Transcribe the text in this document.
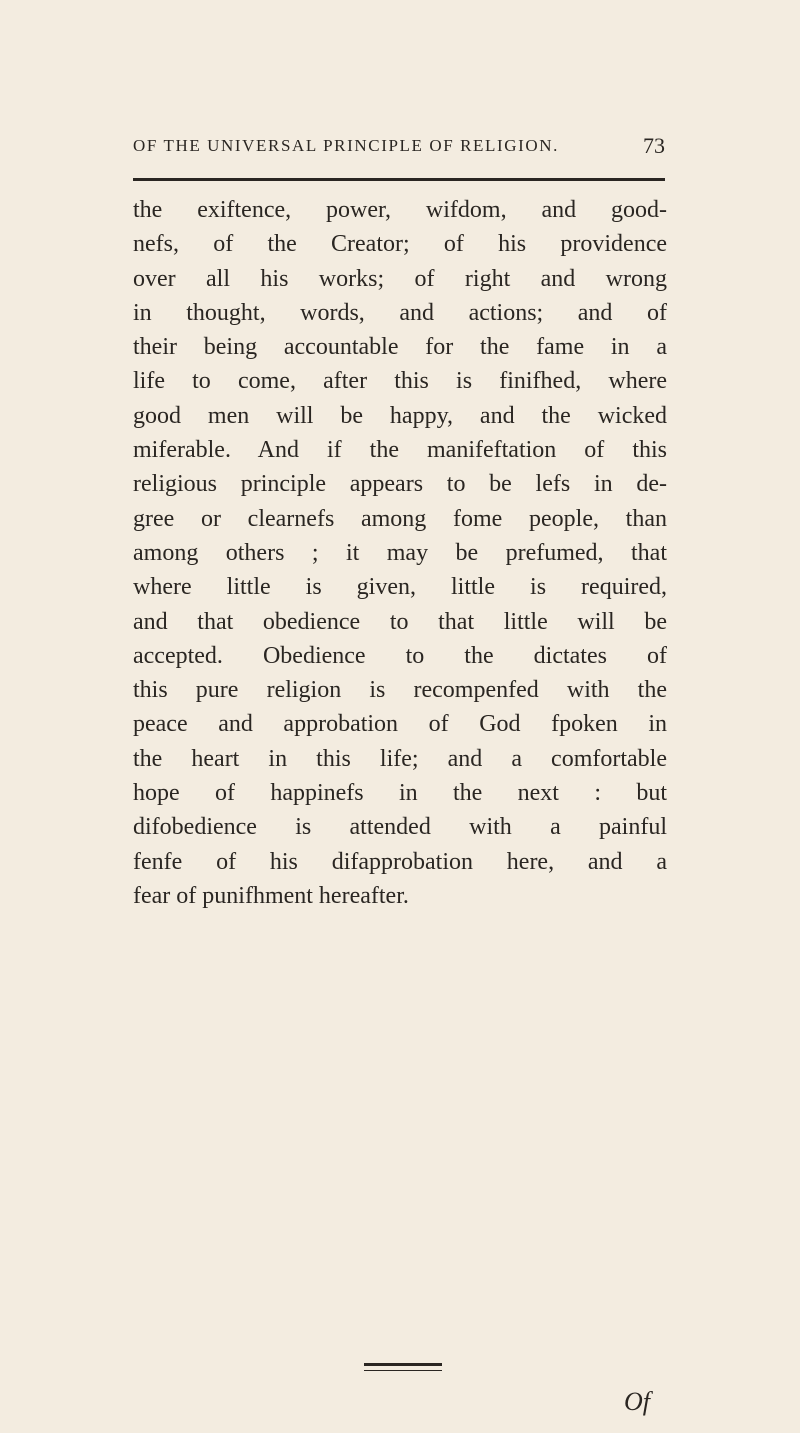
OF THE UNIVERSAL PRINCIPLE OF RELIGION.	73

the exiftence, power, wifdom, and good-
nefs, of the Creator; of his providence
over all his works; of right and wrong
in thought, words, and actions; and of
their being accountable for the fame in a
life to come, after this is finifhed, where
good men will be happy, and the wicked
miferable. And if the manifeftation of this
religious principle appears to be lefs in de-
gree or clearnefs among fome people, than
among others ; it may be prefumed, that
where little is given, little is required,
and that obedience to that little will be
accepted. Obedience to the dictates of
this pure religion is recompenfed with the
peace and approbation of God fpoken in
the heart in this life; and a comfortable
hope of happinefs in the next : but
difobedience is attended with a painful
fenfe of his difapprobation here, and a
fear of punifhment hereafter.

Of
